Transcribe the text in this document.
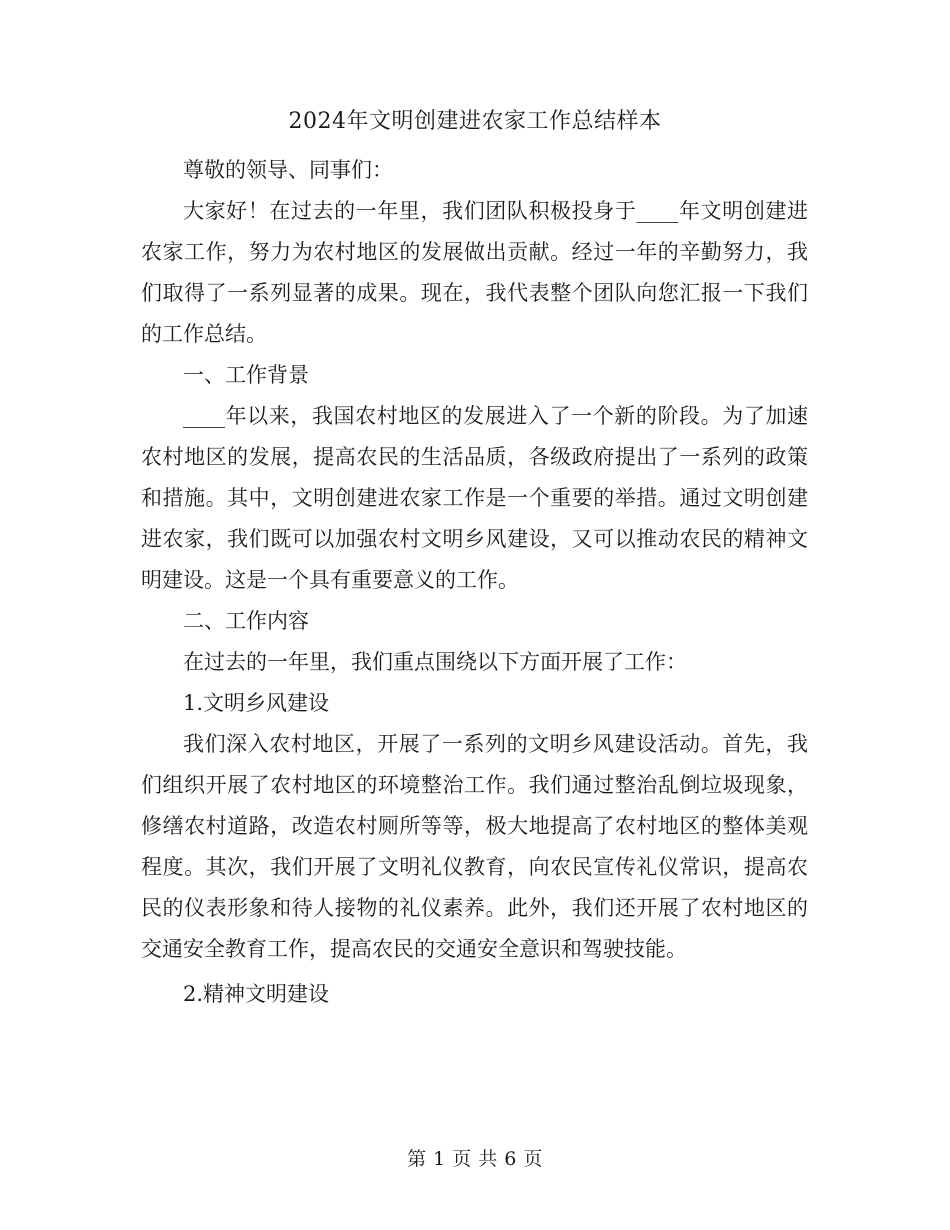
2024年文明创建进农家工作总结样本

尊敬的领导、同事们：

大家好！在过去的一年里，我们团队积极投身于____年文明创建进农家工作，努力为农村地区的发展做出贡献。经过一年的辛勤努力，我们取得了一系列显著的成果。现在，我代表整个团队向您汇报一下我们的工作总结。

一、工作背景

____年以来，我国农村地区的发展进入了一个新的阶段。为了加速农村地区的发展，提高农民的生活品质，各级政府提出了一系列的政策和措施。其中，文明创建进农家工作是一个重要的举措。通过文明创建进农家，我们既可以加强农村文明乡风建设，又可以推动农民的精神文明建设。这是一个具有重要意义的工作。

二、工作内容

在过去的一年里，我们重点围绕以下方面开展了工作：

1.文明乡风建设

我们深入农村地区，开展了一系列的文明乡风建设活动。首先，我们组织开展了农村地区的环境整治工作。我们通过整治乱倒垃圾现象，修缮农村道路，改造农村厕所等等，极大地提高了农村地区的整体美观程度。其次，我们开展了文明礼仪教育，向农民宣传礼仪常识，提高农民的仪表形象和待人接物的礼仪素养。此外，我们还开展了农村地区的交通安全教育工作，提高农民的交通安全意识和驾驶技能。

2.精神文明建设

第 1 页 共 6 页
